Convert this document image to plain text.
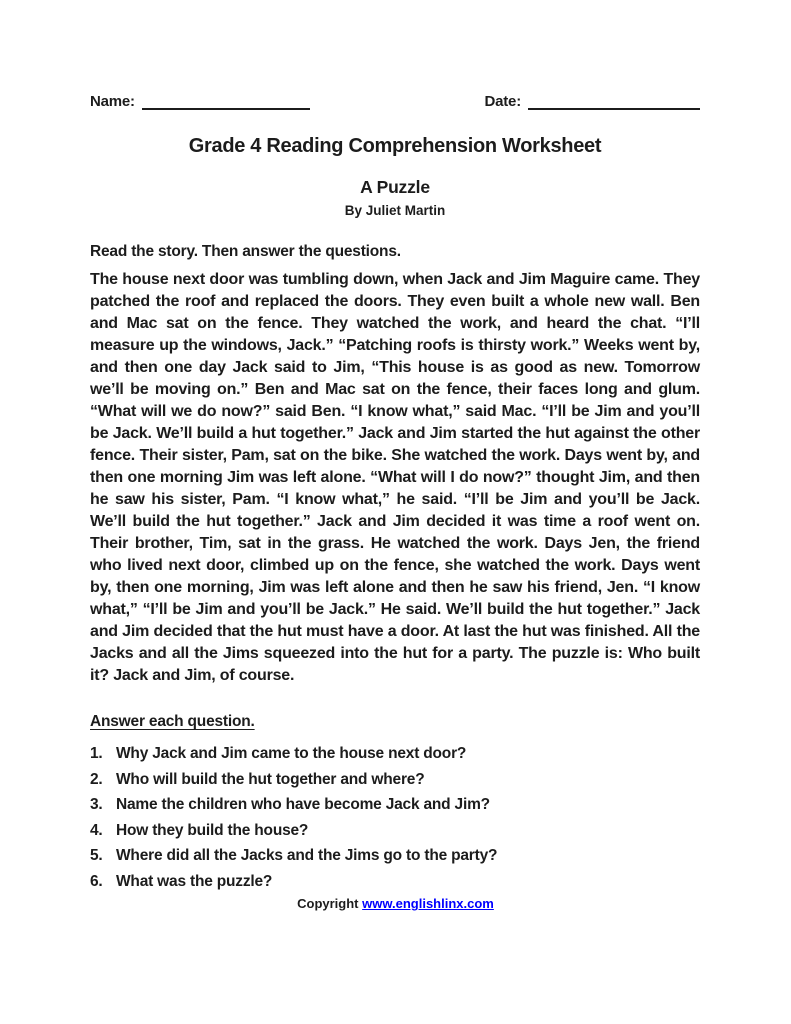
Name:	Date:
Grade 4 Reading Comprehension Worksheet
A Puzzle
By Juliet Martin
Read the story. Then answer the questions.
The house next door was tumbling down, when Jack and Jim Maguire came. They patched the roof and replaced the doors. They even built a whole new wall. Ben and Mac sat on the fence. They watched the work, and heard the chat. “I’ll measure up the windows, Jack.” “Patching roofs is thirsty work.” Weeks went by, and then one day Jack said to Jim, “This house is as good as new. Tomorrow we’ll be moving on.” Ben and Mac sat on the fence, their faces long and glum. “What will we do now?” said Ben. “I know what,” said Mac. “I’ll be Jim and you’ll be Jack. We’ll build a hut together.” Jack and Jim started the hut against the other fence. Their sister, Pam, sat on the bike. She watched the work. Days went by, and then one morning Jim was left alone. “What will I do now?” thought Jim, and then he saw his sister, Pam. “I know what,” he said. “I’ll be Jim and you’ll be Jack. We’ll build the hut together.” Jack and Jim decided it was time a roof went on. Their brother, Tim, sat in the grass. He watched the work. Days Jen, the friend who lived next door, climbed up on the fence, she watched the work. Days went by, then one morning, Jim was left alone and then he saw his friend, Jen. “I know what,” “I’ll be Jim and you’ll be Jack.” He said. We’ll build the hut together.” Jack and Jim decided that the hut must have a door. At last the hut was finished. All the Jacks and all the Jims squeezed into the hut for a party. The puzzle is: Who built it? Jack and Jim, of course.
Answer each question.
1. Why Jack and Jim came to the house next door?
2. Who will build the hut together and where?
3. Name the children who have become Jack and Jim?
4. How they build the house?
5. Where did all the Jacks and the Jims go to the party?
6. What was the puzzle?
Copyright www.englishlinx.com
